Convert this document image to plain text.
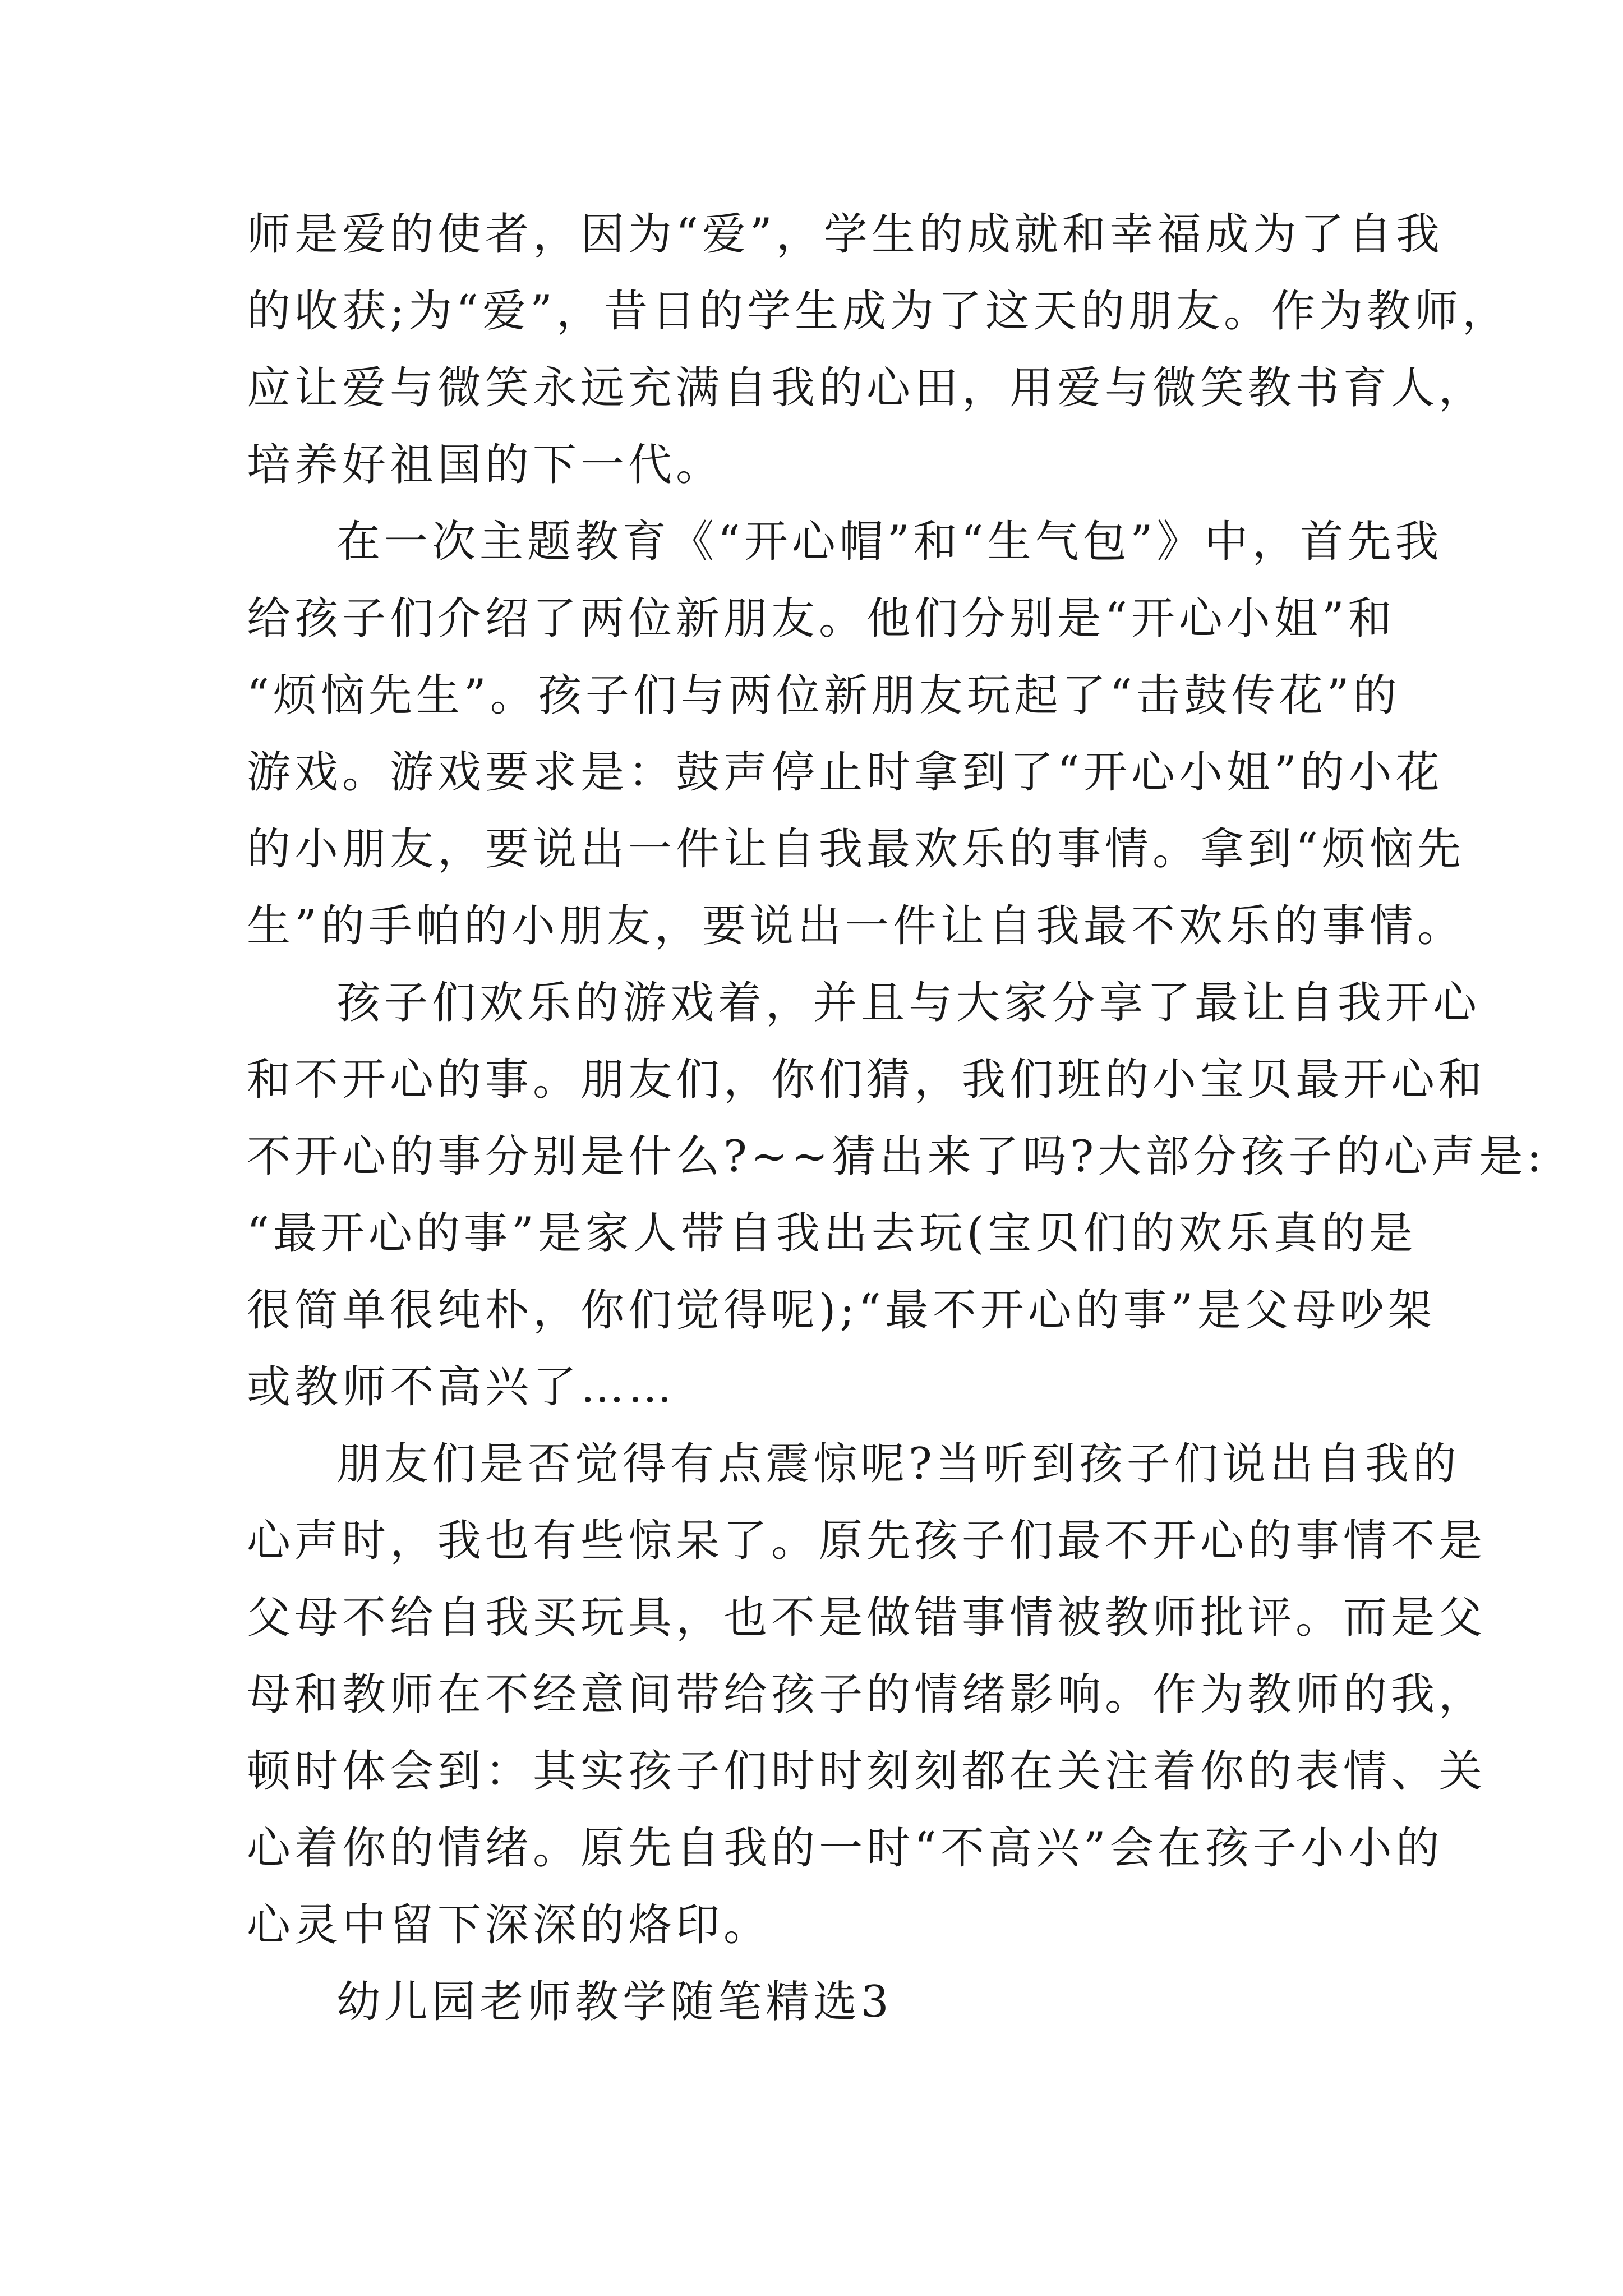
师是爱的使者，因为“爱”，学生的成就和幸福成为了自我
的收获;为“爱”，昔日的学生成为了这天的朋友。作为教师，
应让爱与微笑永远充满自我的心田，用爱与微笑教书育人，
培养好祖国的下一代。
在一次主题教育《“开心帽”和“生气包”》中，首先我
给孩子们介绍了两位新朋友。他们分别是“开心小姐”和
“烦恼先生”。孩子们与两位新朋友玩起了“击鼓传花”的
游戏。游戏要求是：鼓声停止时拿到了“开心小姐”的小花
的小朋友，要说出一件让自我最欢乐的事情。拿到“烦恼先
生”的手帕的小朋友，要说出一件让自我最不欢乐的事情。
孩子们欢乐的游戏着，并且与大家分享了最让自我开心
和不开心的事。朋友们，你们猜，我们班的小宝贝最开心和
不开心的事分别是什么?~~猜出来了吗?大部分孩子的心声是:
“最开心的事”是家人带自我出去玩(宝贝们的欢乐真的是
很简单很纯朴，你们觉得呢);“最不开心的事”是父母吵架
或教师不高兴了……
朋友们是否觉得有点震惊呢?当听到孩子们说出自我的
心声时，我也有些惊呆了。原先孩子们最不开心的事情不是
父母不给自我买玩具，也不是做错事情被教师批评。而是父
母和教师在不经意间带给孩子的情绪影响。作为教师的我，
顿时体会到：其实孩子们时时刻刻都在关注着你的表情、关
心着你的情绪。原先自我的一时“不高兴”会在孩子小小的
心灵中留下深深的烙印。
幼儿园老师教学随笔精选3
